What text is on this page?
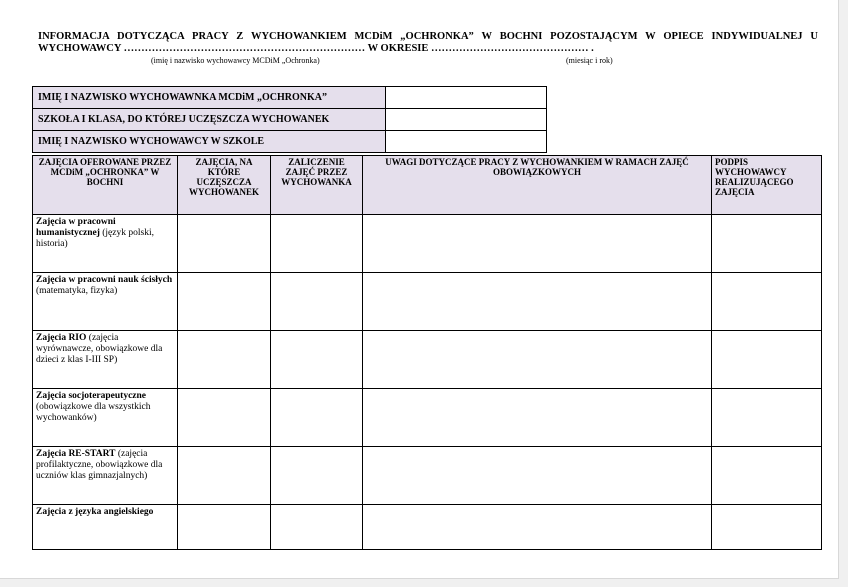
INFORMACJA DOTYCZĄCA PRACY Z WYCHOWANKIEM MCDiM „OCHRONKA” W BOCHNI POZOSTAJĄCYM W OPIECE INDYWIDUALNEJ U WYCHOWAWCY …………………………………………………………… W OKRESIE ……………………………………… .
(imię i nazwisko wychowawcy MCDiM „Ochronka)	(miesiąc i rok)
IMIĘ I NAZWISKO WYCHOWAWNKA MCDiM „OCHRONKA”	
SZKOŁA I KLASA, DO KTÓREJ UCZĘSZCZA WYCHOWANEK	
IMIĘ I NAZWISKO WYCHOWAWCY W SZKOLE	
ZAJĘCIA OFEROWANE PRZEZ MCDiM „OCHRONKA” W BOCHNI	ZAJĘCIA, NA KTÓRE UCZĘSZCZA WYCHOWANEK	ZALICZENIE ZAJĘĆ PRZEZ WYCHOWANKA	UWAGI DOTYCZĄCE PRACY Z WYCHOWANKIEM W RAMACH ZAJĘĆ OBOWIĄZKOWYCH	PODPIS WYCHOWAWCY REALIZUJĄCEGO ZAJĘCIA
Zajęcia w pracowni humanistycznej (język polski, historia)				
Zajęcia w pracowni nauk ścisłych (matematyka, fizyka)				
Zajęcia RIO (zajęcia wyrównawcze, obowiązkowe dla dzieci z klas I-III SP)				
Zajęcia socjoterapeutyczne (obowiązkowe dla wszystkich wychowanków)				
Zajęcia RE-START (zajęcia profilaktyczne, obowiązkowe dla uczniów klas gimnazjalnych)				
Zajęcia z języka angielskiego				
